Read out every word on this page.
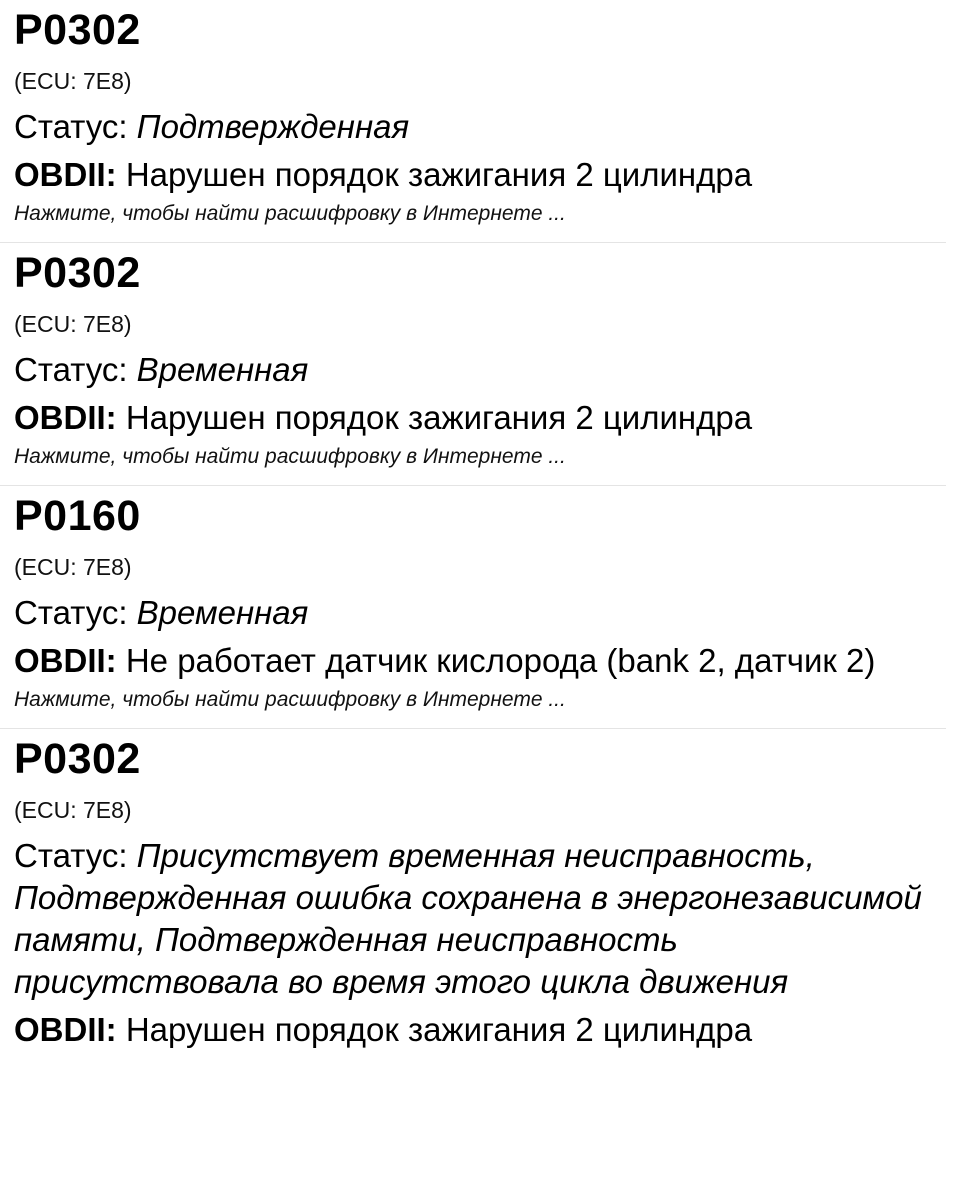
P0302
(ECU: 7E8)
Статус: Подтвержденная
OBDII: Нарушен порядок зажигания 2 цилиндра
Нажмите, чтобы найти расшифровку в Интернете ...
P0302
(ECU: 7E8)
Статус: Временная
OBDII: Нарушен порядок зажигания 2 цилиндра
Нажмите, чтобы найти расшифровку в Интернете ...
P0160
(ECU: 7E8)
Статус: Временная
OBDII: Не работает датчик кислорода (bank 2, датчик 2)
Нажмите, чтобы найти расшифровку в Интернете ...
P0302
(ECU: 7E8)
Статус: Присутствует временная неисправность, Подтвержденная ошибка сохранена в энергонезависимой памяти, Подтвержденная неисправность присутствовала во время этого цикла движения
OBDII: Нарушен порядок зажигания 2 цилиндра
